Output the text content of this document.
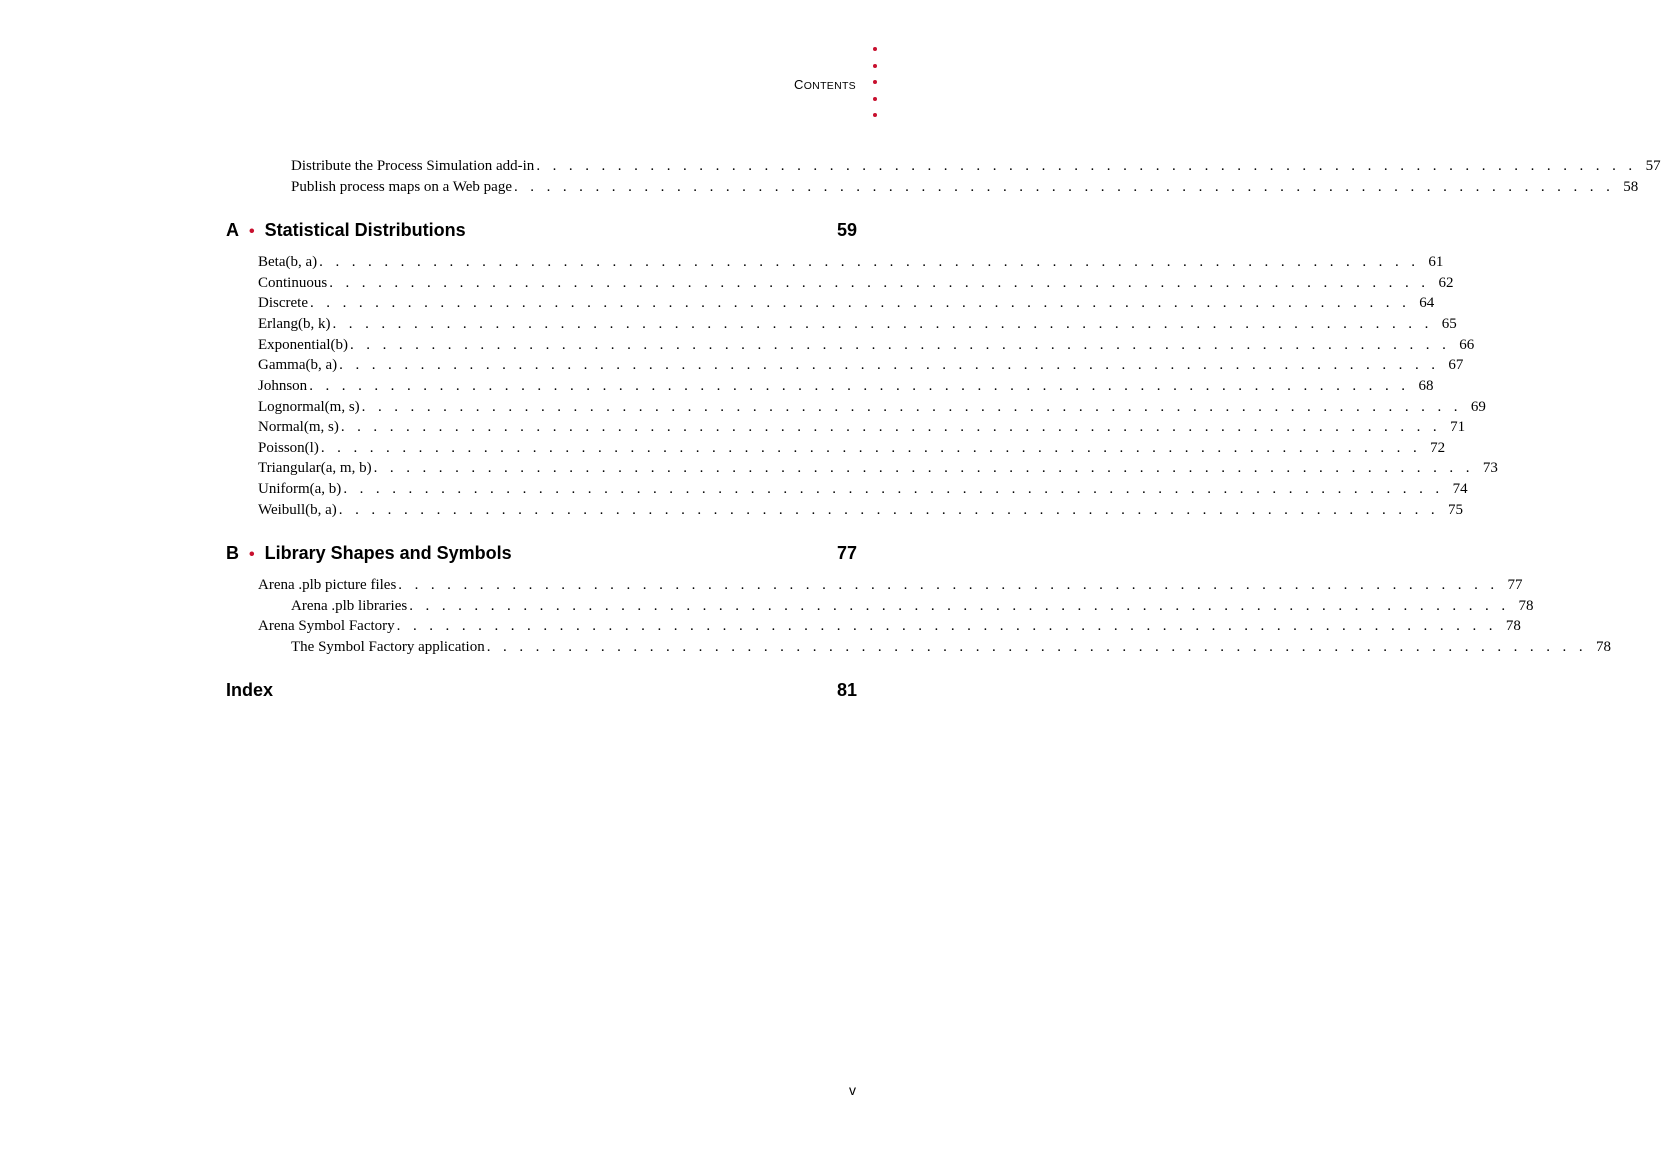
CONTENTS
Distribute the Process Simulation add-in . . . . . . . . . . . . . . . . . . . . . . . . . . . . . . . . . . . . . . . . . . . . . . . . . . . . . . . . . . . . . . . . . . . . 57
Publish process maps on a Web page . . . . . . . . . . . . . . . . . . . . . . . . . . . . . . . . . . . . . . . . . . . . . . . . . . . . . . . . . . . . . . . . . . . . 58
A • Statistical Distributions	59
Beta(b, a) . . . . . . . . . . . . . . . . . . . . . . . . . . . . . . . . . . . . . . . . . . . . . . . . . . . . . . . . . . . . . . . . . . . . 61
Continuous . . . . . . . . . . . . . . . . . . . . . . . . . . . . . . . . . . . . . . . . . . . . . . . . . . . . . . . . . . . . . . . . . . . . 62
Discrete . . . . . . . . . . . . . . . . . . . . . . . . . . . . . . . . . . . . . . . . . . . . . . . . . . . . . . . . . . . . . . . . . . . . 64
Erlang(b, k) . . . . . . . . . . . . . . . . . . . . . . . . . . . . . . . . . . . . . . . . . . . . . . . . . . . . . . . . . . . . . . . . . . . . 65
Exponential(b) . . . . . . . . . . . . . . . . . . . . . . . . . . . . . . . . . . . . . . . . . . . . . . . . . . . . . . . . . . . . . . . . . . . . 66
Gamma(b, a) . . . . . . . . . . . . . . . . . . . . . . . . . . . . . . . . . . . . . . . . . . . . . . . . . . . . . . . . . . . . . . . . . . . . 67
Johnson . . . . . . . . . . . . . . . . . . . . . . . . . . . . . . . . . . . . . . . . . . . . . . . . . . . . . . . . . . . . . . . . . . . . 68
Lognormal(m, s) . . . . . . . . . . . . . . . . . . . . . . . . . . . . . . . . . . . . . . . . . . . . . . . . . . . . . . . . . . . . . . . . . . . . 69
Normal(m, s) . . . . . . . . . . . . . . . . . . . . . . . . . . . . . . . . . . . . . . . . . . . . . . . . . . . . . . . . . . . . . . . . . . . . 71
Poisson(l) . . . . . . . . . . . . . . . . . . . . . . . . . . . . . . . . . . . . . . . . . . . . . . . . . . . . . . . . . . . . . . . . . . . . 72
Triangular(a, m, b) . . . . . . . . . . . . . . . . . . . . . . . . . . . . . . . . . . . . . . . . . . . . . . . . . . . . . . . . . . . . . . . . . . . . 73
Uniform(a, b) . . . . . . . . . . . . . . . . . . . . . . . . . . . . . . . . . . . . . . . . . . . . . . . . . . . . . . . . . . . . . . . . . . . . 74
Weibull(b, a) . . . . . . . . . . . . . . . . . . . . . . . . . . . . . . . . . . . . . . . . . . . . . . . . . . . . . . . . . . . . . . . . . . . . 75
B • Library Shapes and Symbols	77
Arena .plb picture files . . . . . . . . . . . . . . . . . . . . . . . . . . . . . . . . . . . . . . . . . . . . . . . . . . . . . . . . . . . . . . . . . . . . 77
Arena .plb libraries . . . . . . . . . . . . . . . . . . . . . . . . . . . . . . . . . . . . . . . . . . . . . . . . . . . . . . . . . . . . . . . . . . . . 78
Arena Symbol Factory . . . . . . . . . . . . . . . . . . . . . . . . . . . . . . . . . . . . . . . . . . . . . . . . . . . . . . . . . . . . . . . . . . . . 78
The Symbol Factory application . . . . . . . . . . . . . . . . . . . . . . . . . . . . . . . . . . . . . . . . . . . . . . . . . . . . . . . . . . . . . . . . . . . . 78
Index	81
v
